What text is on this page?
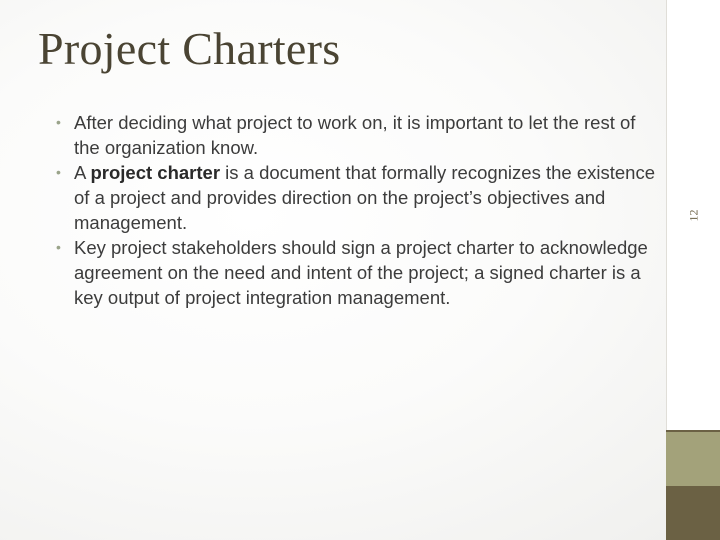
Project Charters
• After deciding what project to work on, it is important to let the rest of the organization know.
• A project charter is a document that formally recognizes the existence of a project and provides direction on the project’s objectives and management.
• Key project stakeholders should sign a project charter to acknowledge agreement on the need and intent of the project; a signed charter is a key output of project integration management.
12
